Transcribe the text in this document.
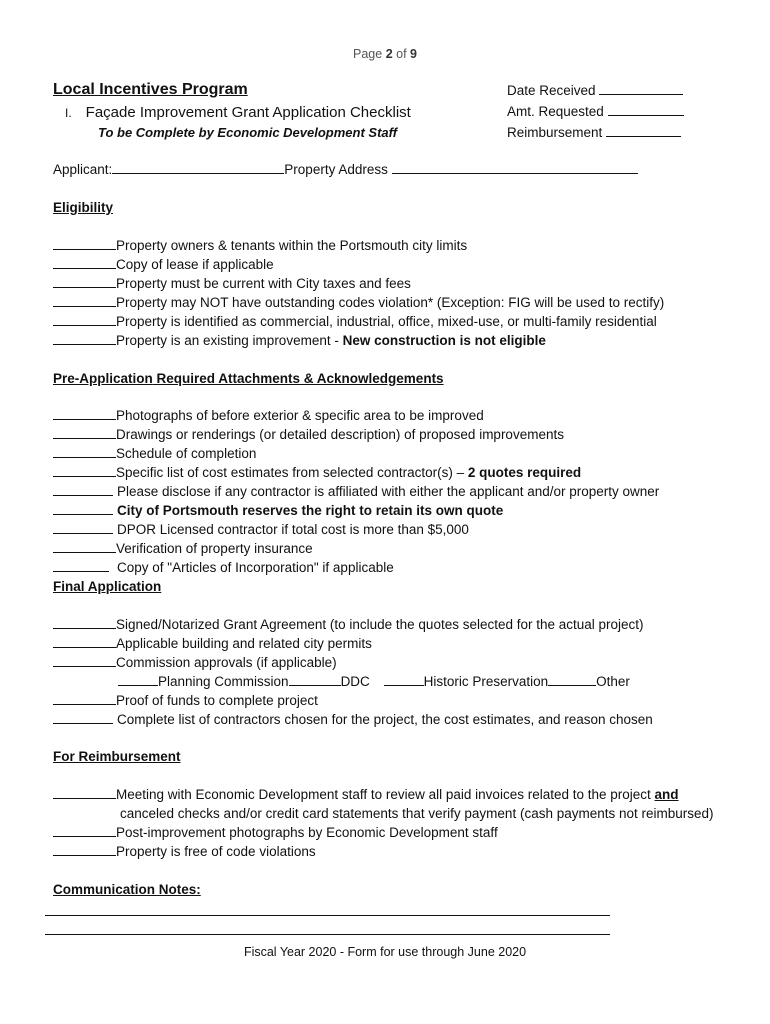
Page 2 of 9
Local Incentives Program
I. Façade Improvement Grant Application Checklist
To be Complete by Economic Development Staff
Date Received
Amt. Requested
Reimbursement
Applicant:	Property Address
Eligibility
Property owners & tenants within the Portsmouth city limits
Copy of lease if applicable
Property must be current with City taxes and fees
Property may NOT have outstanding codes violation* (Exception: FIG will be used to rectify)
Property is identified as commercial, industrial, office, mixed-use, or multi-family residential
Property is an existing improvement - New construction is not eligible
Pre-Application Required Attachments & Acknowledgements
Photographs of before exterior & specific area to be improved
Drawings or renderings (or detailed description) of proposed improvements
Schedule of completion
Specific list of cost estimates from selected contractor(s) – 2 quotes required
Please disclose if any contractor is affiliated with either the applicant and/or property owner
City of Portsmouth reserves the right to retain its own quote
DPOR Licensed contractor if total cost is more than $5,000
Verification of property insurance
Copy of "Articles of Incorporation" if applicable
Final Application
Signed/Notarized Grant Agreement (to include the quotes selected for the actual project)
Applicable building and related city permits
Commission approvals (if applicable)
Planning Commission	DDC	Historic Preservation	Other
Proof of funds to complete project
Complete list of contractors chosen for the project, the cost estimates, and reason chosen
For Reimbursement
Meeting with Economic Development staff to review all paid invoices related to the project and
canceled checks and/or credit card statements that verify payment (cash payments not reimbursed)
Post-improvement photographs by Economic Development staff
Property is free of code violations
Communication Notes:
Fiscal Year 2020 - Form for use through June 2020
